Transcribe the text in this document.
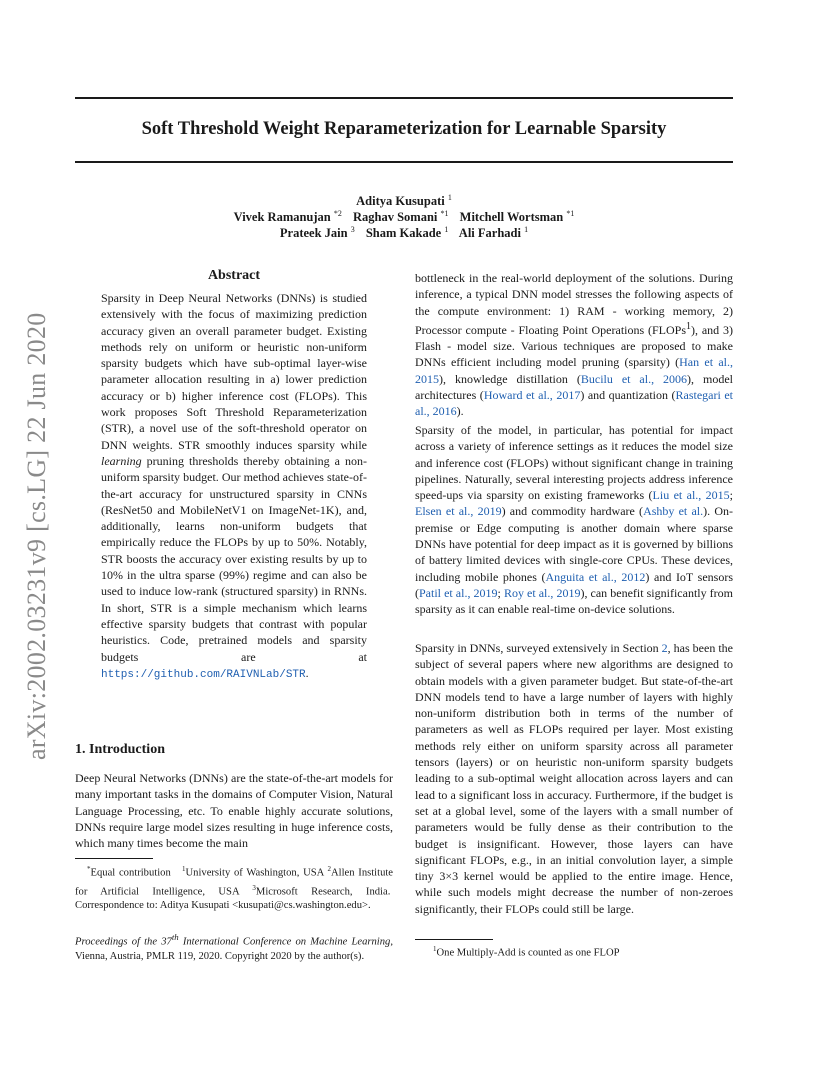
Soft Threshold Weight Reparameterization for Learnable Sparsity
Aditya Kusupati $^1$
Vivek Ramanujan $^{*2}$ Raghav Somani $^{*1}$ Mitchell Wortsman $^{*1}$
Prateek Jain $^3$ Sham Kakade $^1$ Ali Farhadi $^1$
arXiv:2002.03231v9 [cs.LG] 22 Jun 2020
Abstract
Sparsity in Deep Neural Networks (DNNs) is studied extensively with the focus of maximizing prediction accuracy given an overall parameter budget. Existing methods rely on uniform or heuristic non-uniform sparsity budgets which have sub-optimal layer-wise parameter allocation resulting in a) lower prediction accuracy or b) higher inference cost (FLOPs). This work proposes Soft Threshold Reparameterization (STR), a novel use of the soft-threshold operator on DNN weights. STR smoothly induces sparsity while learning pruning thresholds thereby obtaining a non-uniform sparsity budget. Our method achieves state-of-the-art accuracy for unstructured sparsity in CNNs (ResNet50 and MobileNetV1 on ImageNet-1K), and, additionally, learns non-uniform budgets that empirically reduce the FLOPs by up to 50%. Notably, STR boosts the accuracy over existing results by up to 10% in the ultra sparse (99%) regime and can also be used to induce low-rank (structured sparsity) in RNNs. In short, STR is a simple mechanism which learns effective sparsity budgets that contrast with popular heuristics. Code, pretrained models and sparsity budgets are at https://github.com/RAIVNLab/STR.
1. Introduction
Deep Neural Networks (DNNs) are the state-of-the-art models for many important tasks in the domains of Computer Vision, Natural Language Processing, etc. To enable highly accurate solutions, DNNs require large model sizes resulting in huge inference costs, which many times become the main
*Equal contribution $^1$University of Washington, USA $^2$Allen Institute for Artificial Intelligence, USA $^3$Microsoft Research, India.  Correspondence to: Aditya Kusupati <kusupati@cs.washington.edu>.
Proceedings of the 37th International Conference on Machine Learning, Vienna, Austria, PMLR 119, 2020. Copyright 2020 by the author(s).
bottleneck in the real-world deployment of the solutions. During inference, a typical DNN model stresses the following aspects of the compute environment: 1) RAM - working memory, 2) Processor compute - Floating Point Operations (FLOPs$^1$), and 3) Flash - model size. Various techniques are proposed to make DNNs efficient including model pruning (sparsity) (Han et al., 2015), knowledge distillation (Bucilu et al., 2006), model architectures (Howard et al., 2017) and quantization (Rastegari et al., 2016).
Sparsity of the model, in particular, has potential for impact across a variety of inference settings as it reduces the model size and inference cost (FLOPs) without significant change in training pipelines. Naturally, several interesting projects address inference speed-ups via sparsity on existing frameworks (Liu et al., 2015; Elsen et al., 2019) and commodity hardware (Ashby et al.). On-premise or Edge computing is another domain where sparse DNNs have potential for deep impact as it is governed by billions of battery limited devices with single-core CPUs. These devices, including mobile phones (Anguita et al., 2012) and IoT sensors (Patil et al., 2019; Roy et al., 2019), can benefit significantly from sparsity as it can enable real-time on-device solutions.
Sparsity in DNNs, surveyed extensively in Section 2, has been the subject of several papers where new algorithms are designed to obtain models with a given parameter budget. But state-of-the-art DNN models tend to have a large number of layers with highly non-uniform distribution both in terms of the number of parameters as well as FLOPs required per layer. Most existing methods rely either on uniform sparsity across all parameter tensors (layers) or on heuristic non-uniform sparsity budgets leading to a sub-optimal weight allocation across layers and can lead to a significant loss in accuracy. Furthermore, if the budget is set at a global level, some of the layers with a small number of parameters would be fully dense as their contribution to the budget is insignificant. However, those layers can have significant FLOPs, e.g., in an initial convolution layer, a simple tiny 3×3 kernel would be applied to the entire image. Hence, while such models might decrease the number of non-zeroes significantly, their FLOPs could still be large.
$^1$One Multiply-Add is counted as one FLOP
